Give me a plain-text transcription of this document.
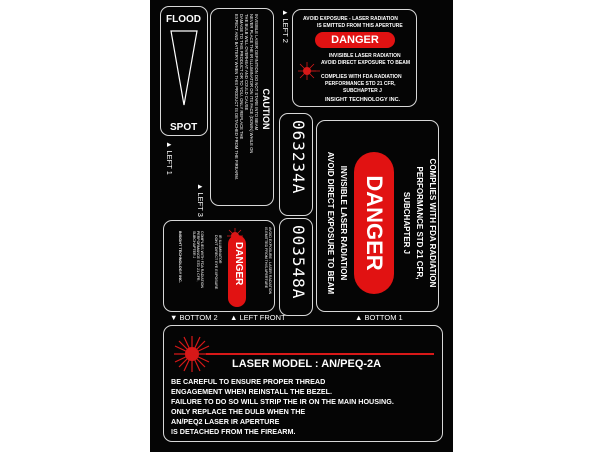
FLOOD
SPOT
▲ LEFT 1
CAUTION
INVISIBLE LASER DEFINITION DO NOT STARE INTO BEAM
NEVER PLACE THE IR ILLUMINATOR ON ITS FACE (DOWN) WHILE ON
THE BULB WILL OVERHEAT AND COULD CAUSE
DAMAGE TO THIS PRODUCT OR TO YOU. ONLY REPLACE THE
EXPECT AND BATTERY WHEN THIS PRODUCT IS DETACHED FROM THE FIREARM.	▲ LEFT 2
▲ LEFT 3
AVOID EXPOSURE - LASER RADIATION
IS EMITTED FROM THIS APERTURE
DANGER
INVISIBLE LASER RADIATION
AVOID DIRECT EXPOSURE TO BEAM
COMPLIES WITH FDA RADIATION
PERFORMANCE STD 21 CFR,
SUBCHAPTER J
INSIGHT TECHNOLOGY INC.
063234A
003548A	COMPLIES WITH FDA RADIATION
PERFORMANCE STD 21 CFR,
SUBCHAPTER J
DANGER
INVISIBLE LASER RADIATION
AVOID DIRECT EXPOSURE TO BEAM
AVOID EXPOSURE - LASER RADIATION
IS EMITTED FROM THIS APERTURE
DANGER
IR ILLUMINATOR
DON'T DIRECT EYE EXPOSURE
COMPLIES WITH FDA RADIATION
PERFORMANCE STD 21 CFR,
SUBCHAPTER J
INSIGHT TECHNOLOGY INC.
▼ BOTTOM 2 ▲ LEFT FRONT	▲ BOTTOM 1
LASER MODEL : AN/PEQ-2A
BE CAREFUL TO ENSURE PROPER THREAD
ENGAGEMENT WHEN REINSTALL THE BEZEL.
FAILURE TO DO SO WILL STRIP THE IR ON THE MAIN HOUSING.
ONLY REPLACE THE DULB WHEN THE
AN/PEQ2 LASER IR APERTURE
IS DETACHED FROM THE FIREARM.
